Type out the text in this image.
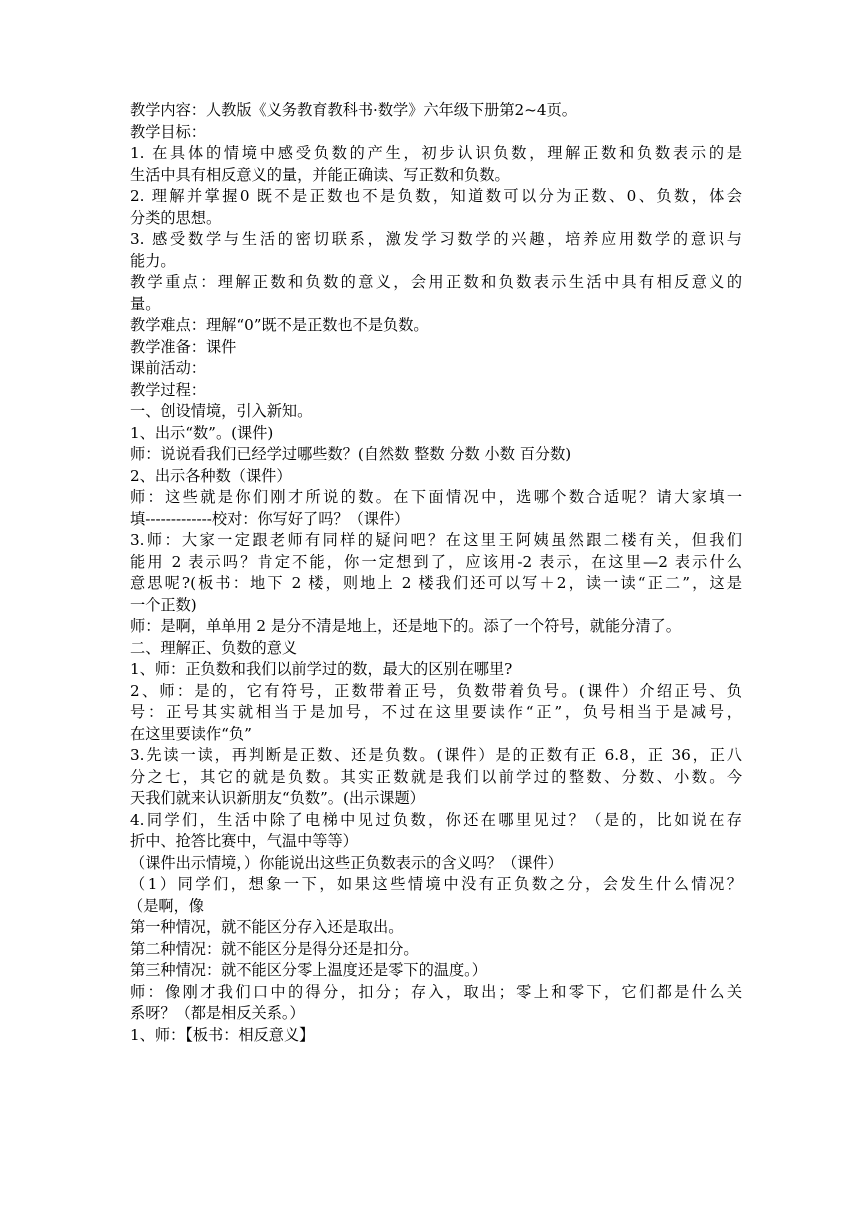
教学内容：人教版《义务教育教科书·数学》六年级下册第2~4页。
教学目标：
1. 在具体的情境中感受负数的产生，初步认识负数，理解正数和负数表示的是
生活中具有相反意义的量，并能正确读、写正数和负数。
2. 理解并掌握0 既不是正数也不是负数，知道数可以分为正数、0、负数，体会
分类的思想。
3. 感受数学与生活的密切联系，激发学习数学的兴趣，培养应用数学的意识与
能力。
教学重点：理解正数和负数的意义，会用正数和负数表示生活中具有相反意义的
量。
教学难点：理解“0”既不是正数也不是负数。
教学准备：课件
课前活动：
教学过程：
一、创设情境，引入新知。
1、出示“数”。(课件)
师：说说看我们已经学过哪些数？(自然数 整数 分数 小数 百分数)
2、出示各种数（课件）
师：这些就是你们刚才所说的数。在下面情况中，选哪个数合适呢？请大家填一
填-------------校对：你写好了吗？（课件）
3.师：大家一定跟老师有同样的疑问吧？在这里王阿姨虽然跟二楼有关，但我们
能用 2 表示吗？肯定不能，你一定想到了，应该用-2 表示，在这里—2 表示什么
意思呢?(板书：地下 2 楼，则地上 2 楼我们还可以写＋2，读一读“正二”，这是
一个正数)
师：是啊，单单用 2 是分不清是地上，还是地下的。添了一个符号，就能分清了。
二、理解正、负数的意义
1、师：正负数和我们以前学过的数，最大的区别在哪里?
2、师：是的，它有符号，正数带着正号，负数带着负号。(课件）介绍正号、负
号：正号其实就相当于是加号，不过在这里要读作“正”，负号相当于是减号，
在这里要读作“负”
3.先读一读，再判断是正数、还是负数。(课件）是的正数有正 6.8，正 36，正八
分之七，其它的就是负数。其实正数就是我们以前学过的整数、分数、小数。今
天我们就来认识新朋友“负数”。(出示课题）
4.同学们，生活中除了电梯中见过负数，你还在哪里见过？（是的，比如说在存
折中、抢答比赛中，气温中等等）
（课件出示情境，）你能说出这些正负数表示的含义吗？（课件）
（1）同学们，想象一下，如果这些情境中没有正负数之分，会发生什么情况？
（是啊，像
第一种情况，就不能区分存入还是取出。
第二种情况：就不能区分是得分还是扣分。
第三种情况：就不能区分零上温度还是零下的温度。）
师：像刚才我们口中的得分，扣分；存入，取出；零上和零下，它们都是什么关
系呀？（都是相反关系。）
1、师：【板书：相反意义】
